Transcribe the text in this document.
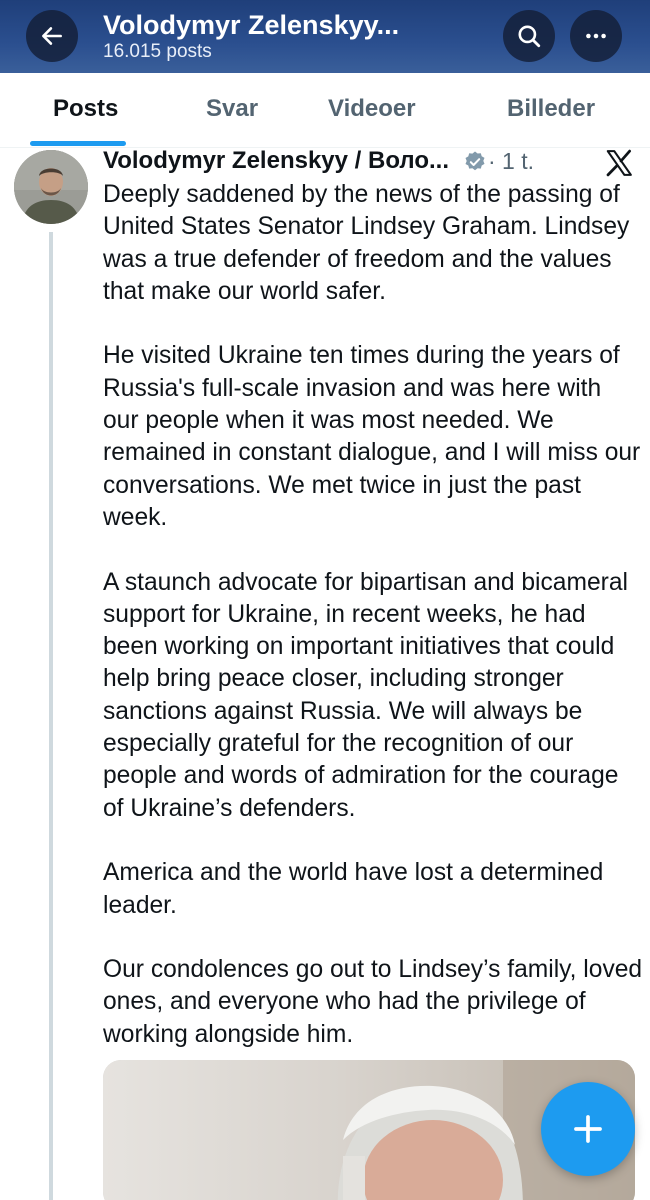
Volodymyr Zelenskyy...
16.015 posts
Posts	Svar	Videoer	Billeder
Volodymyr Zelenskyy / Воло... · 1 t.

Deeply saddened by the news of the passing of United States Senator Lindsey Graham. Lindsey was a true defender of freedom and the values that make our world safer.

He visited Ukraine ten times during the years of Russia's full-scale invasion and was here with our people when it was most needed. We remained in constant dialogue, and I will miss our conversations. We met twice in just the past week.

A staunch advocate for bipartisan and bicameral support for Ukraine, in recent weeks, he had been working on important initiatives that could help bring peace closer, including stronger sanctions against Russia. We will always be especially grateful for the recognition of our people and words of admiration for the courage of Ukraine’s defenders.

America and the world have lost a determined leader.

Our condolences go out to Lindsey’s family, loved ones, and everyone who had the privilege of working alongside him.
